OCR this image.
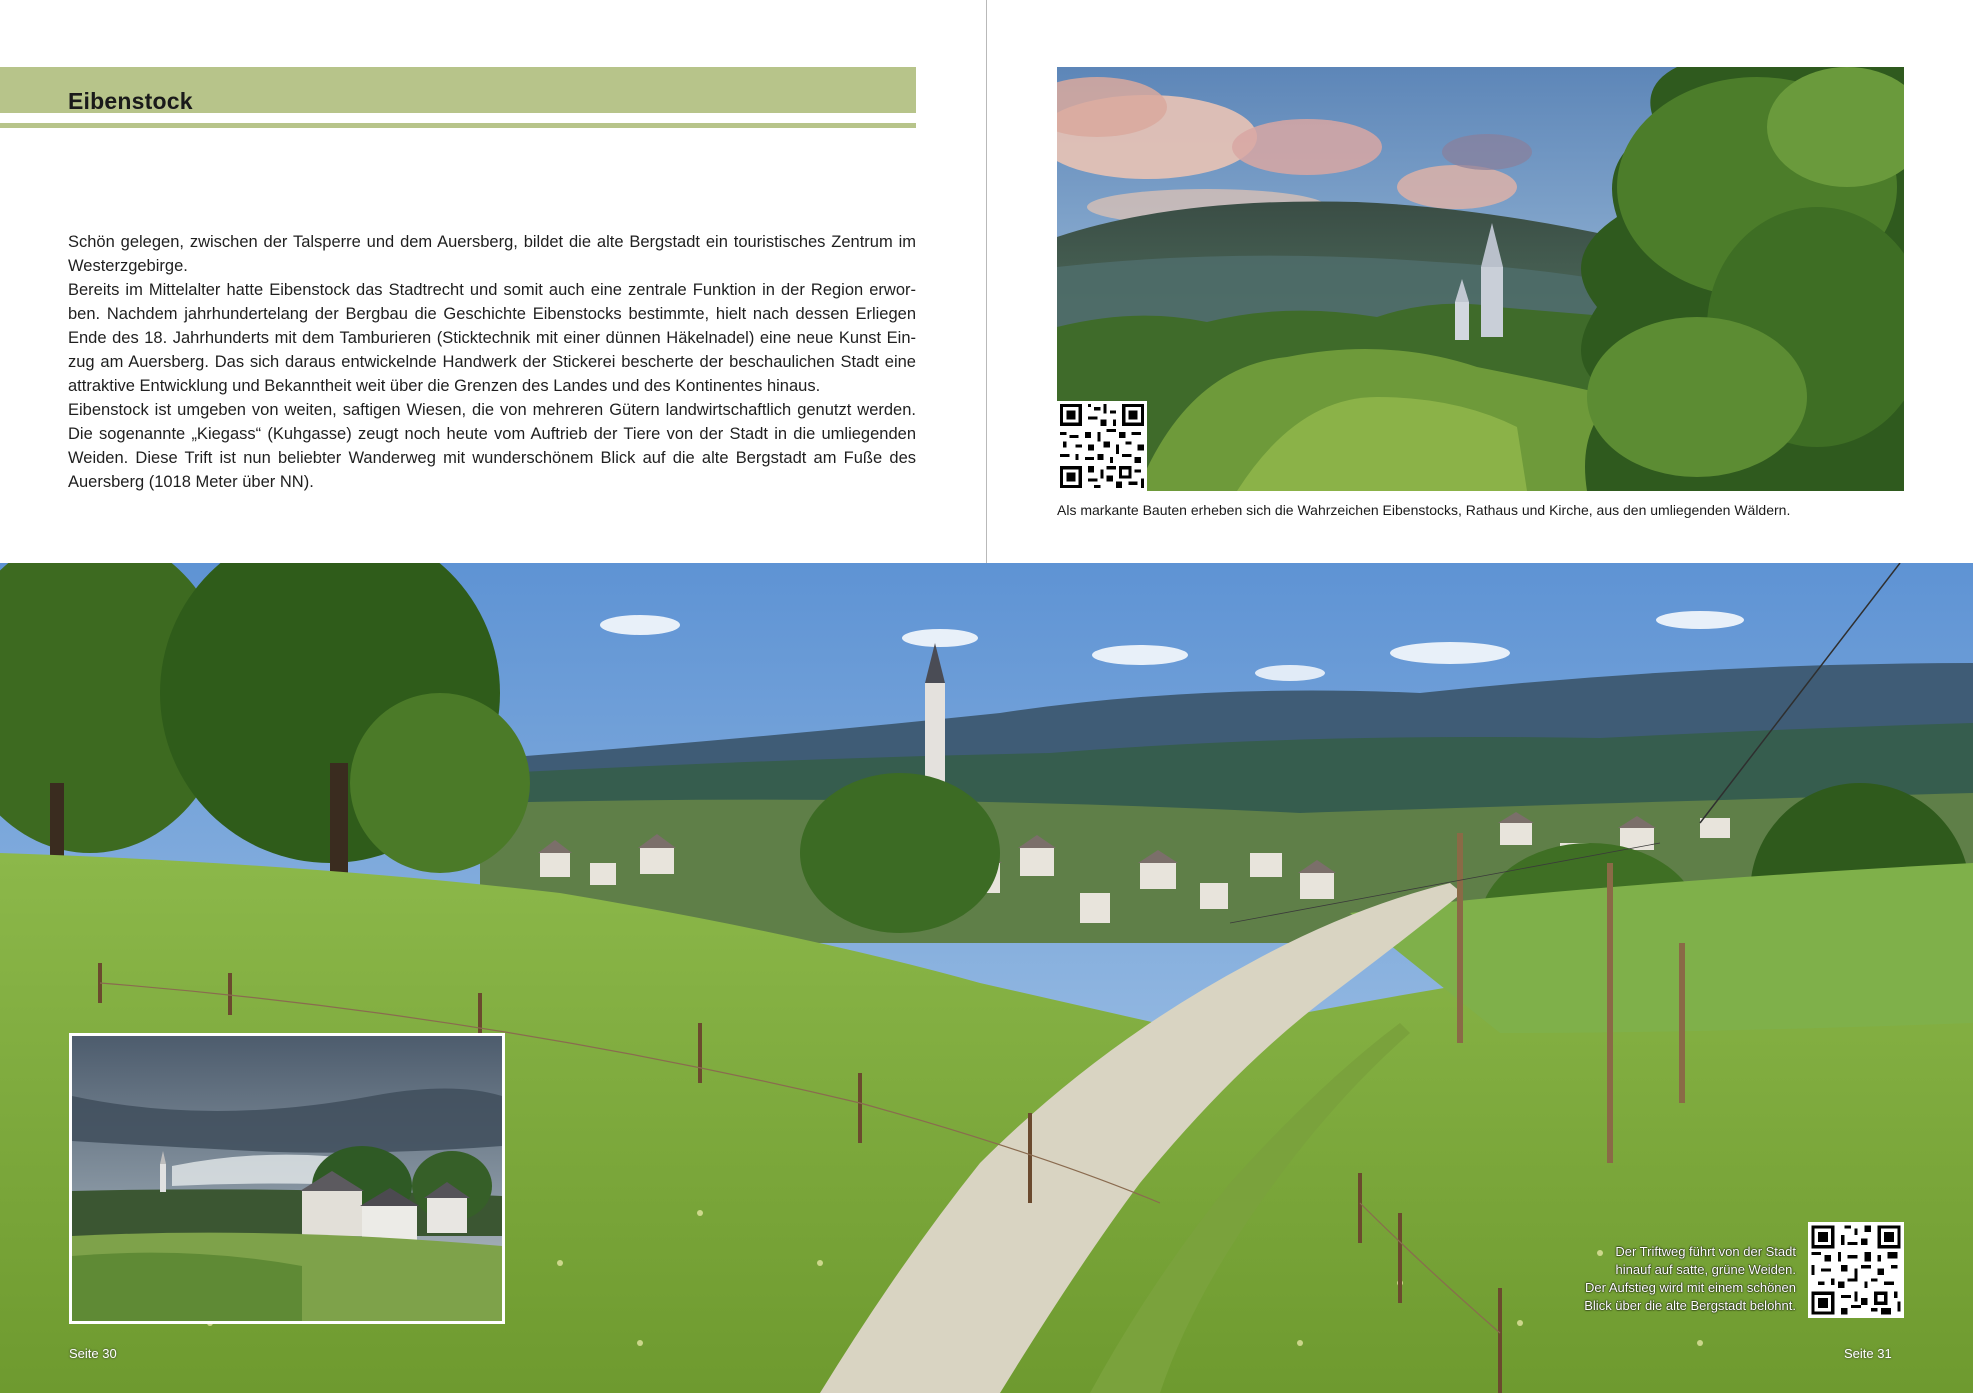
Eibenstock

Schön gelegen, zwischen der Talsperre und dem Auersberg, bildet die alte Bergstadt ein touristisches Zentrum im Westerzgebirge.

Bereits im Mittelalter hatte Eibenstock das Stadtrecht und somit auch eine zentrale Funktion in der Region erworben. Nachdem jahrhundertelang der Bergbau die Geschichte Eibenstocks bestimmte, hielt nach dessen Erliegen Ende des 18. Jahrhunderts mit dem Tamburieren (Sticktechnik mit einer dünnen Häkelnadel) eine neue Kunst Einzug am Auersberg. Das sich daraus entwickelnde Handwerk der Stickerei bescherte der beschaulichen Stadt eine attraktive Entwicklung und Bekanntheit weit über die Grenzen des Landes und des Kontinentes hinaus.

Eibenstock ist umgeben von weiten, saftigen Wiesen, die von mehreren Gütern landwirtschaftlich genutzt werden. Die sogenannte „Kiegass“ (Kuhgasse) zeugt noch heute vom Auftrieb der Tiere von der Stadt in die umliegenden Weiden. Diese Trift ist nun beliebter Wanderweg mit wunderschönem Blick auf die alte Bergstadt am Fuße des Auersberg (1018 Meter über NN).

Als markante Bauten erheben sich die Wahrzeichen Eibenstocks, Rathaus und Kirche, aus den umliegenden Wäldern.
Der Triftweg führt von der Stadt
hinauf auf satte, grüne Weiden.
Der Aufstieg wird mit einem schönen
Blick über die alte Bergstadt belohnt.
Seite 30	Seite 31
